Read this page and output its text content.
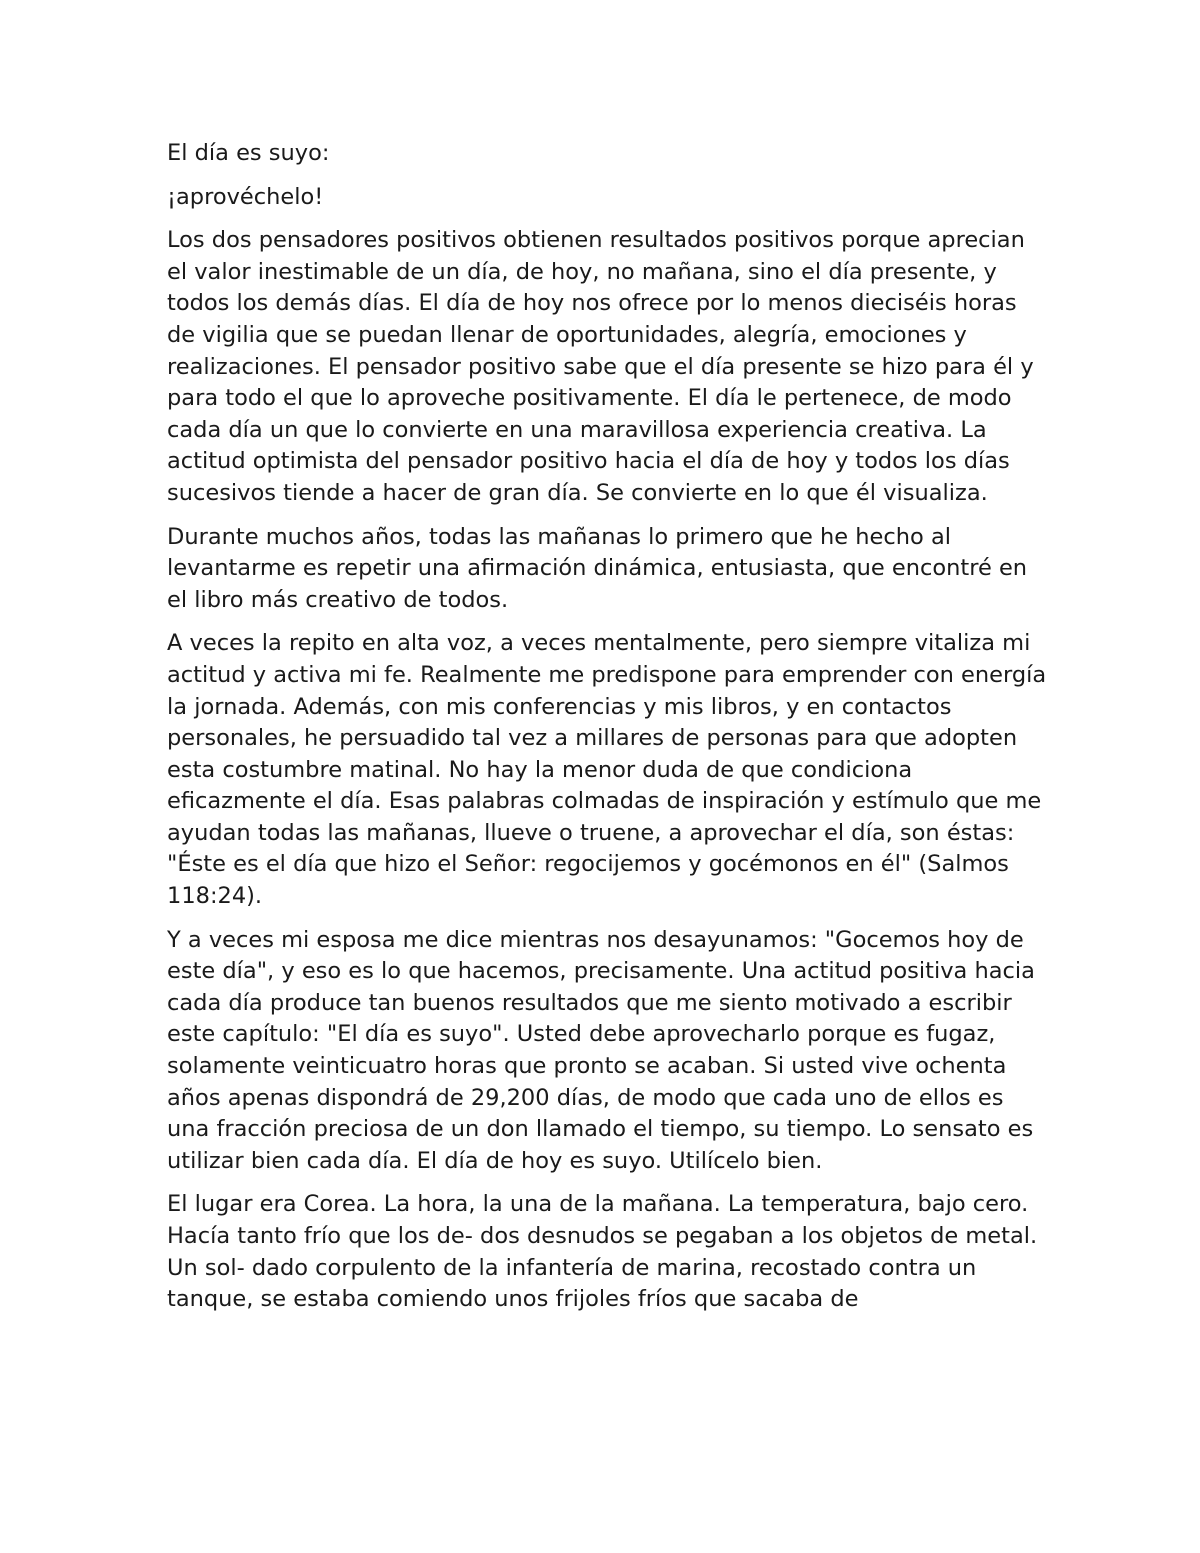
El día es suyo:

¡aprovéchelo!

Los dos pensadores positivos obtienen resultados positivos porque aprecian el valor inestimable de un día, de hoy, no mañana, sino el día presente, y todos los demás días. El día de hoy nos ofrece por lo menos dieciséis horas de vigilia que se puedan llenar de oportunidades, alegría, emociones y realizaciones. El pensador positivo sabe que el día presente se hizo para él y para todo el que lo aproveche positivamente. El día le pertenece, de modo cada día un que lo convierte en una maravillosa experiencia creativa. La actitud optimista del pensador positivo hacia el día de hoy y todos los días sucesivos tiende a hacer de gran día. Se convierte en lo que él visualiza.

Durante muchos años, todas las mañanas lo primero que he hecho al levantarme es repetir una afirmación dinámica, entusiasta, que encontré en el libro más creativo de todos.

A veces la repito en alta voz, a veces mentalmente, pero siempre vitaliza mi actitud y activa mi fe. Realmente me predispone para emprender con energía la jornada. Además, con mis conferencias y mis libros, y en contactos personales, he persuadido tal vez a millares de personas para que adopten esta costumbre matinal. No hay la menor duda de que condiciona eficazmente el día. Esas palabras colmadas de inspiración y estímulo que me ayudan todas las mañanas, llueve o truene, a aprovechar el día, son éstas: "Éste es el día que hizo el Señor: regocijemos y gocémonos en él" (Salmos 118:24).

Y a veces mi esposa me dice mientras nos desayunamos: "Gocemos hoy de este día", y eso es lo que hacemos, precisamente. Una actitud positiva hacia cada día produce tan buenos resultados que me siento motivado a escribir este capítulo: "El día es suyo". Usted debe aprovecharlo porque es fugaz, solamente veinticuatro horas que pronto se acaban. Si usted vive ochenta años apenas dispondrá de 29,200 días, de modo que cada uno de ellos es una fracción preciosa de un don llamado el tiempo, su tiempo. Lo sensato es utilizar bien cada día. El día de hoy es suyo. Utilícelo bien.

El lugar era Corea. La hora, la una de la mañana. La temperatura, bajo cero. Hacía tanto frío que los de- dos desnudos se pegaban a los objetos de metal. Un sol- dado corpulento de la infantería de marina, recostado contra un tanque, se estaba comiendo unos frijoles fríos que sacaba de
